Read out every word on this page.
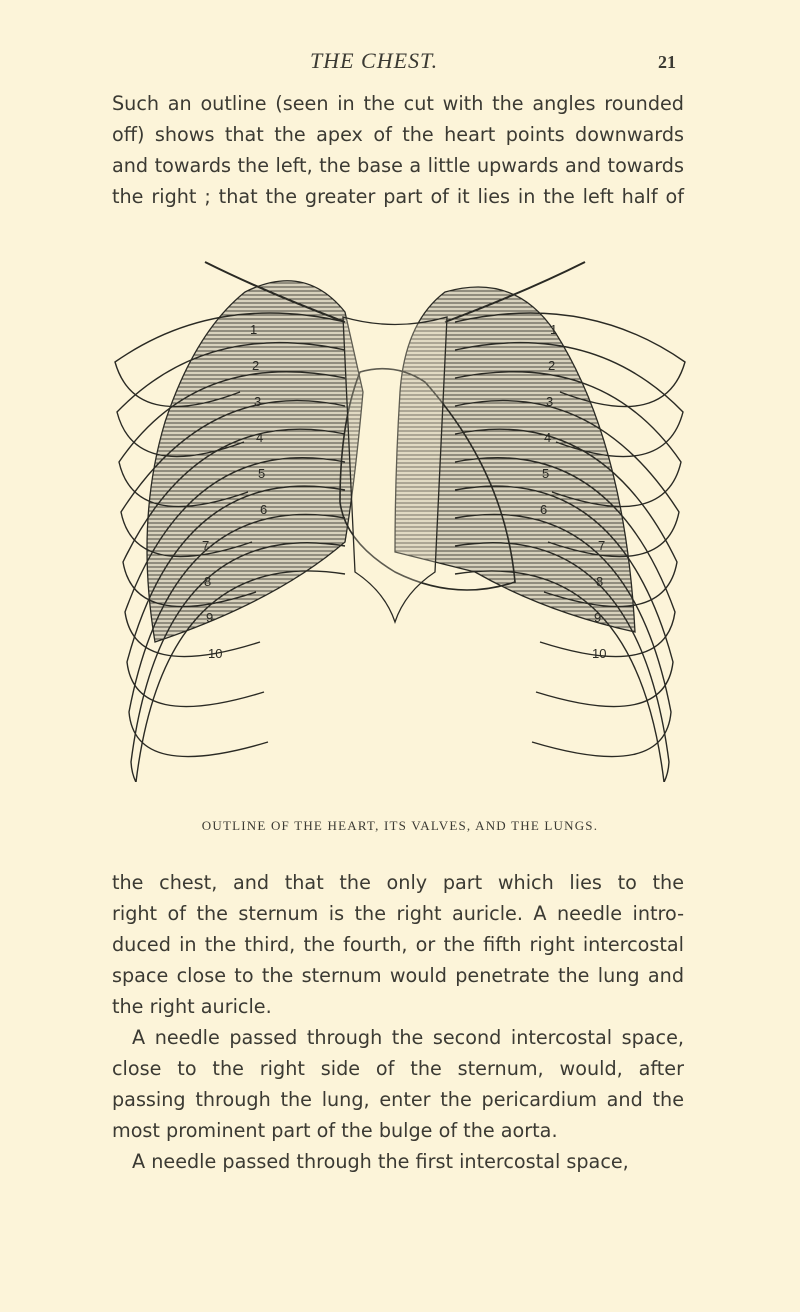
THE CHEST.	21
Such an outline (seen in the cut with the angles rounded
off) shows that the apex of the heart points downwards
and towards the left, the base a little upwards and towards
the right ; that the greater part of it lies in the left half of
1	1
2	2
3	3
4	4
5	5
6	6
7	7
8	8
9	9
10	10
OUTLINE OF THE HEART, ITS VALVES, AND THE LUNGS.
the chest, and that the only part which lies to the
right of the sternum is the right auricle. A needle intro-
duced in the third, the fourth, or the fifth right intercostal
space close to the sternum would penetrate the lung and
the right auricle.
A needle passed through the second intercostal space,
close to the right side of the sternum, would, after
passing through the lung, enter the pericardium and the
most prominent part of the bulge of the aorta.
A needle passed through the first intercostal space,
